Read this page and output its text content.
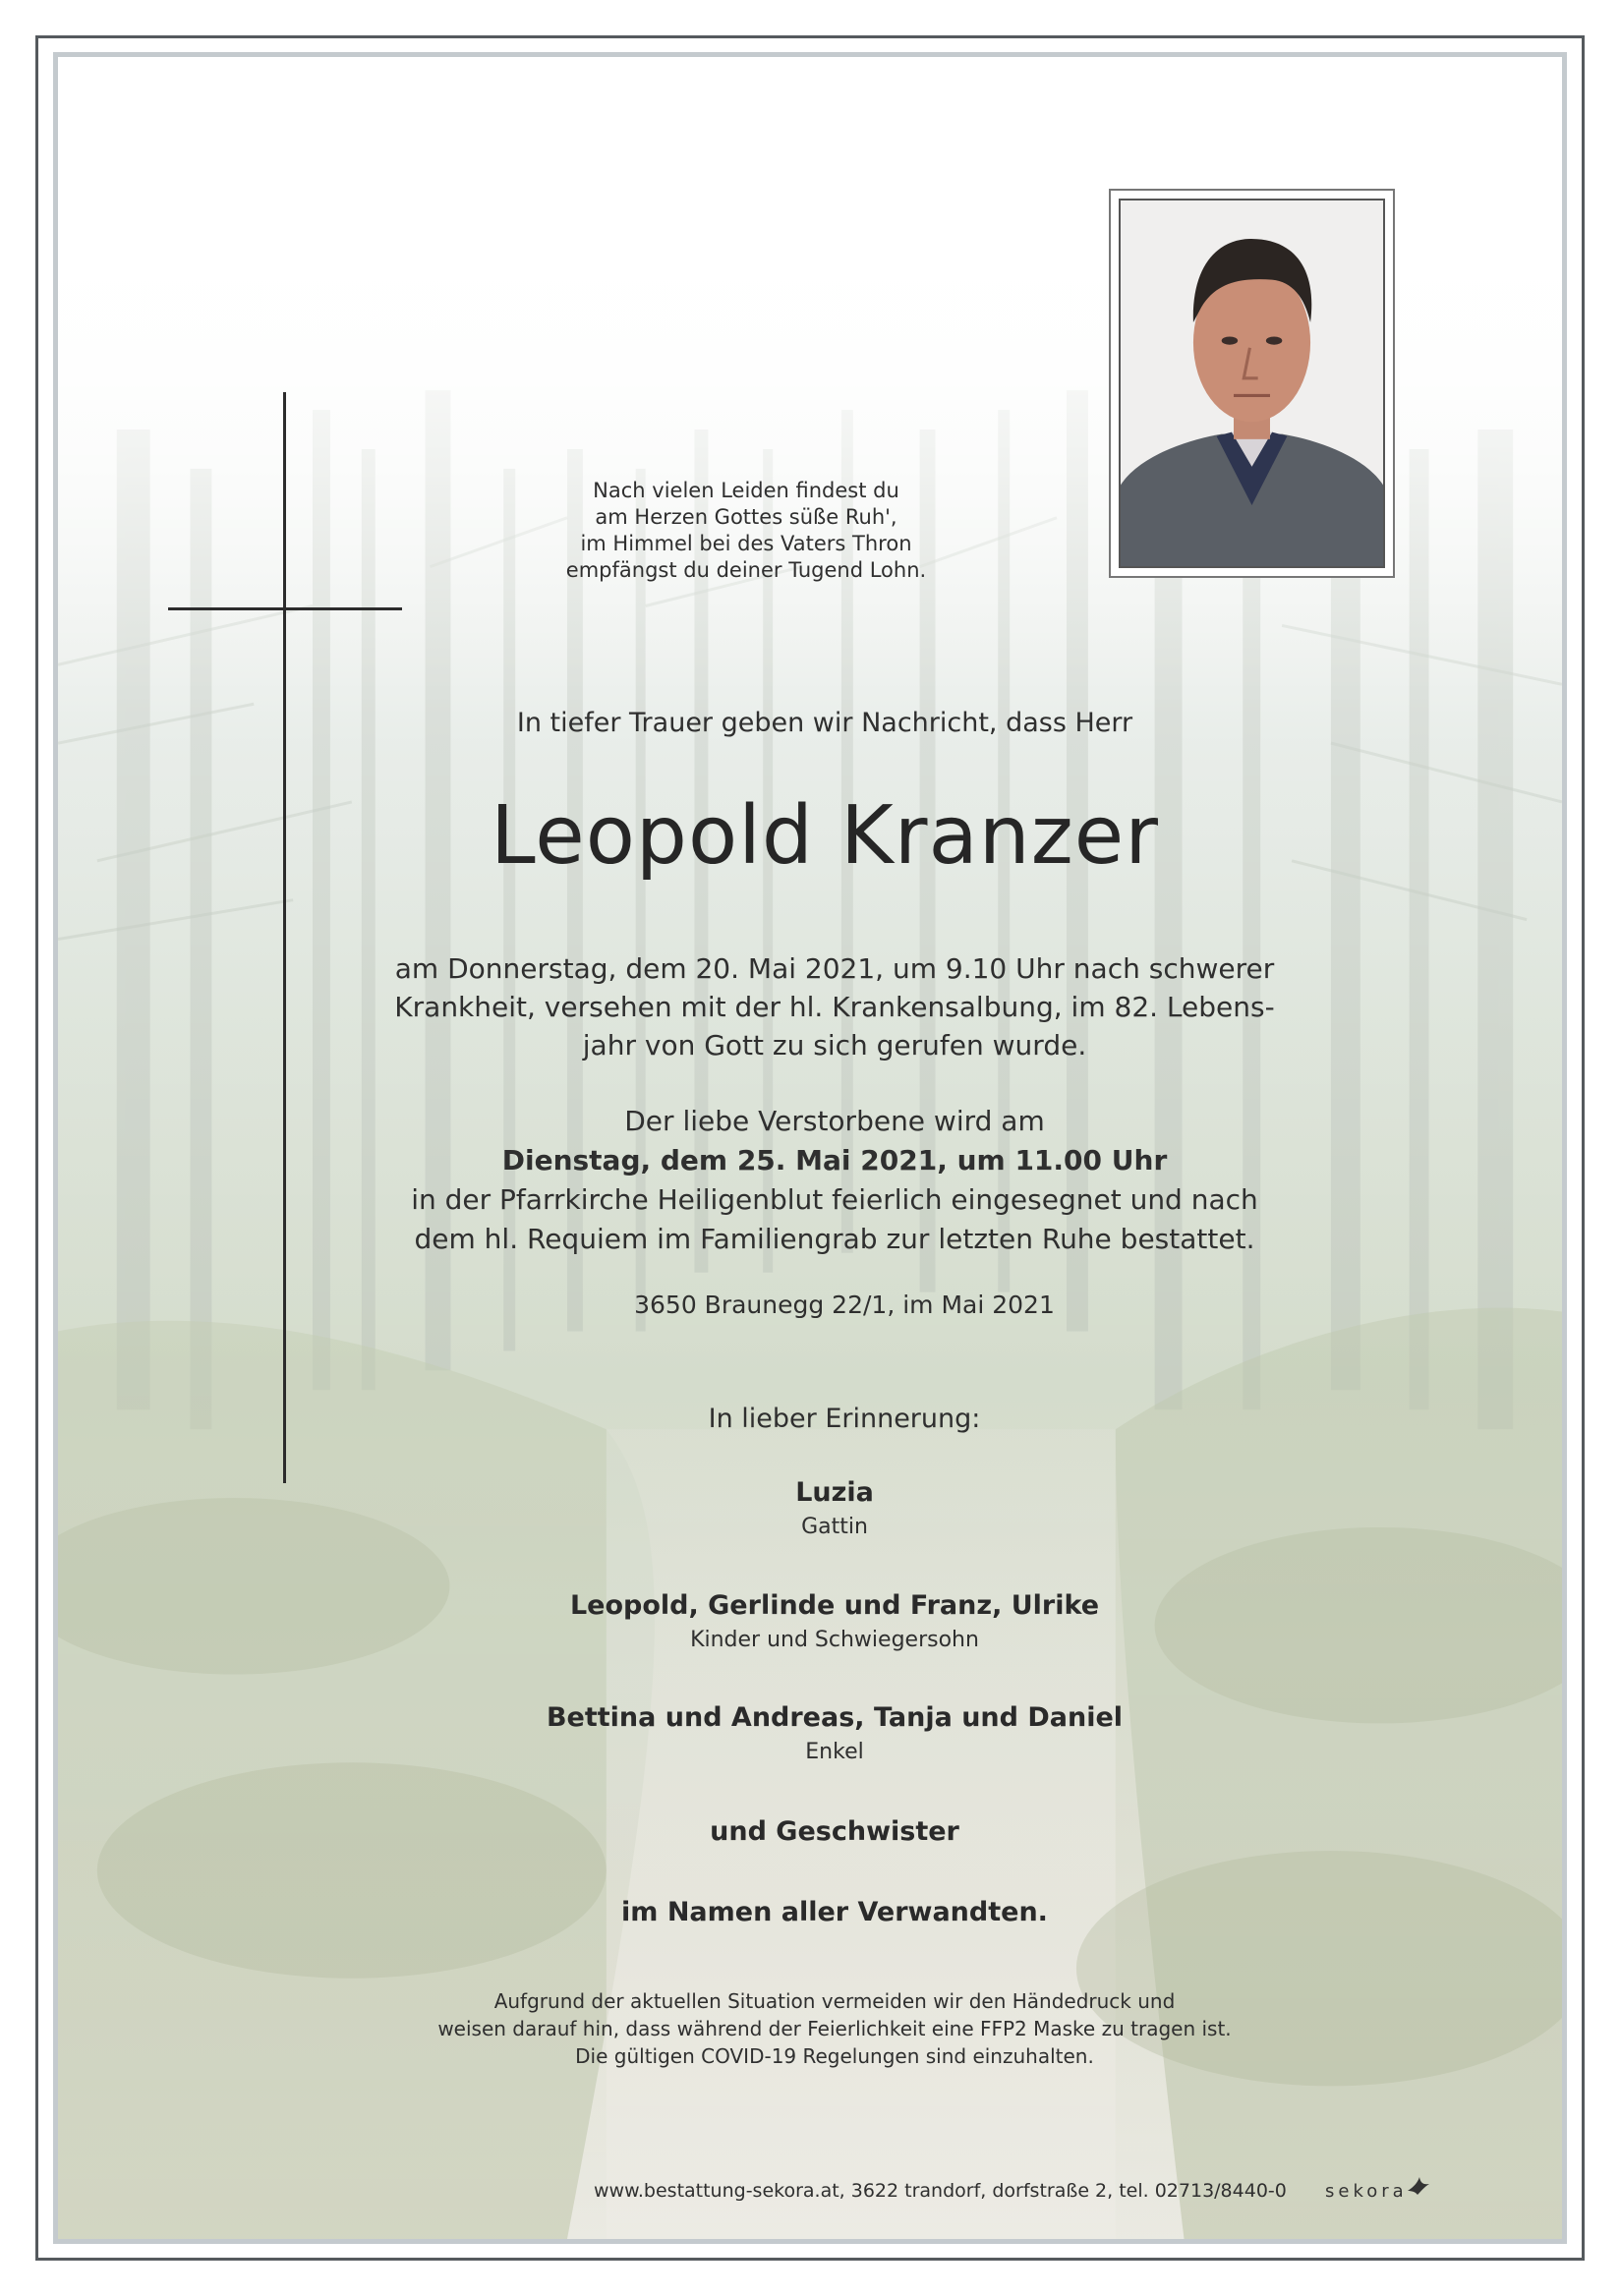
Nach vielen Leiden findest du
am Herzen Gottes süße Ruh',
im Himmel bei des Vaters Thron
empfängst du deiner Tugend Lohn.
In tiefer Trauer geben wir Nachricht, dass Herr
Leopold Kranzer
am Donnerstag, dem 20. Mai 2021, um 9.10 Uhr nach schwerer
Krankheit, versehen mit der hl. Krankensalbung, im 82. Lebens-
jahr von Gott zu sich gerufen wurde.
Der liebe Verstorbene wird am
Dienstag, dem 25. Mai 2021, um 11.00 Uhr
in der Pfarrkirche Heiligenblut feierlich eingesegnet und nach
dem hl. Requiem im Familiengrab zur letzten Ruhe bestattet.
3650 Braunegg 22/1, im Mai 2021
In lieber Erinnerung:
Luzia
Gattin
Leopold, Gerlinde und Franz, Ulrike
Kinder und Schwiegersohn
Bettina und Andreas, Tanja und Daniel
Enkel
und Geschwister
im Namen aller Verwandten.
Aufgrund der aktuellen Situation vermeiden wir den Händedruck und
weisen darauf hin, dass während der Feierlichkeit eine FFP2 Maske zu tragen ist.
Die gültigen COVID-19 Regelungen sind einzuhalten.
www.bestattung-sekora.at, 3622 trandorf, dorfstraße 2, tel. 02713/8440-0	sekora
